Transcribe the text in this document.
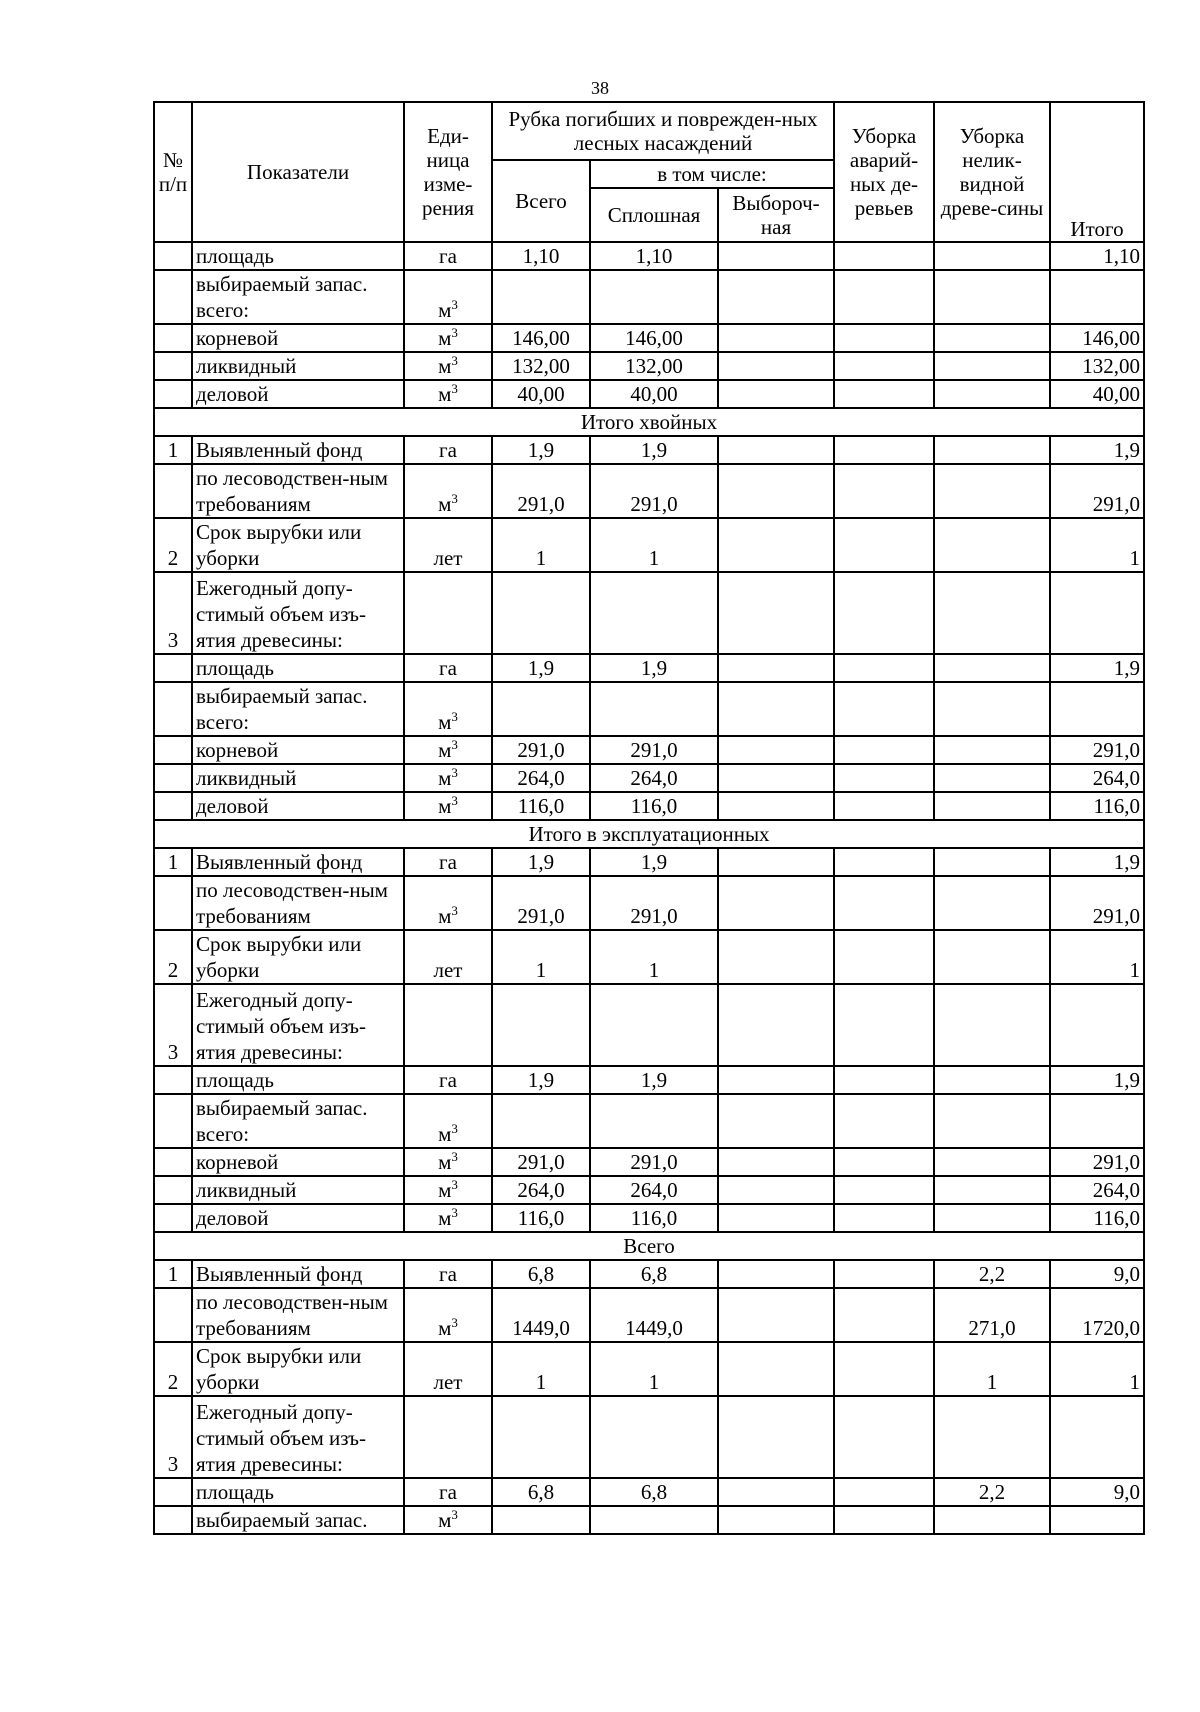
38
№ п/п	Показатели	Еди-ница изме-рения	Рубка погибших и поврежден-ных лесных насаждений			Уборка аварий-ных де-ревьев	Уборка нелик-видной древе-сины	Итого
			Всего	в том числе:				
				Сплошная	Выбороч-ная			
	площадь	га	1,10	1,10				1,10
	выбираемый запас. всего:	$м^3$						
	корневой	$м^3$	146,00	146,00				146,00
	ликвидный	$м^3$	132,00	132,00				132,00
	деловой	$м^3$	40,00	40,00				40,00
Итого хвойных								
1	Выявленный фонд	га	1,9	1,9				1,9
	по лесоводствен-ным требованиям	$м^3$	291,0	291,0				291,0
2	Срок вырубки или уборки	лет	1	1				1
3	Ежегодный допу-стимый объем изъ-ятия древесины:							
	площадь	га	1,9	1,9				1,9
	выбираемый запас. всего:	$м^3$						
	корневой	$м^3$	291,0	291,0				291,0
	ликвидный	$м^3$	264,0	264,0				264,0
	деловой	$м^3$	116,0	116,0				116,0
Итого в эксплуатационных								
1	Выявленный фонд	га	1,9	1,9				1,9
	по лесоводствен-ным требованиям	$м^3$	291,0	291,0				291,0
2	Срок вырубки или уборки	лет	1	1				1
3	Ежегодный допу-стимый объем изъ-ятия древесины:							
	площадь	га	1,9	1,9				1,9
	выбираемый запас. всего:	$м^3$						
	корневой	$м^3$	291,0	291,0				291,0
	ликвидный	$м^3$	264,0	264,0				264,0
	деловой	$м^3$	116,0	116,0				116,0
Всего								
1	Выявленный фонд	га	6,8	6,8			2,2	9,0
	по лесоводствен-ным требованиям	$м^3$	1449,0	1449,0			271,0	1720,0
2	Срок вырубки или уборки	лет	1	1			1	1
3	Ежегодный допу-стимый объем изъ-ятия древесины:							
	площадь	га	6,8	6,8			2,2	9,0
	выбираемый запас.	$м^3$						
